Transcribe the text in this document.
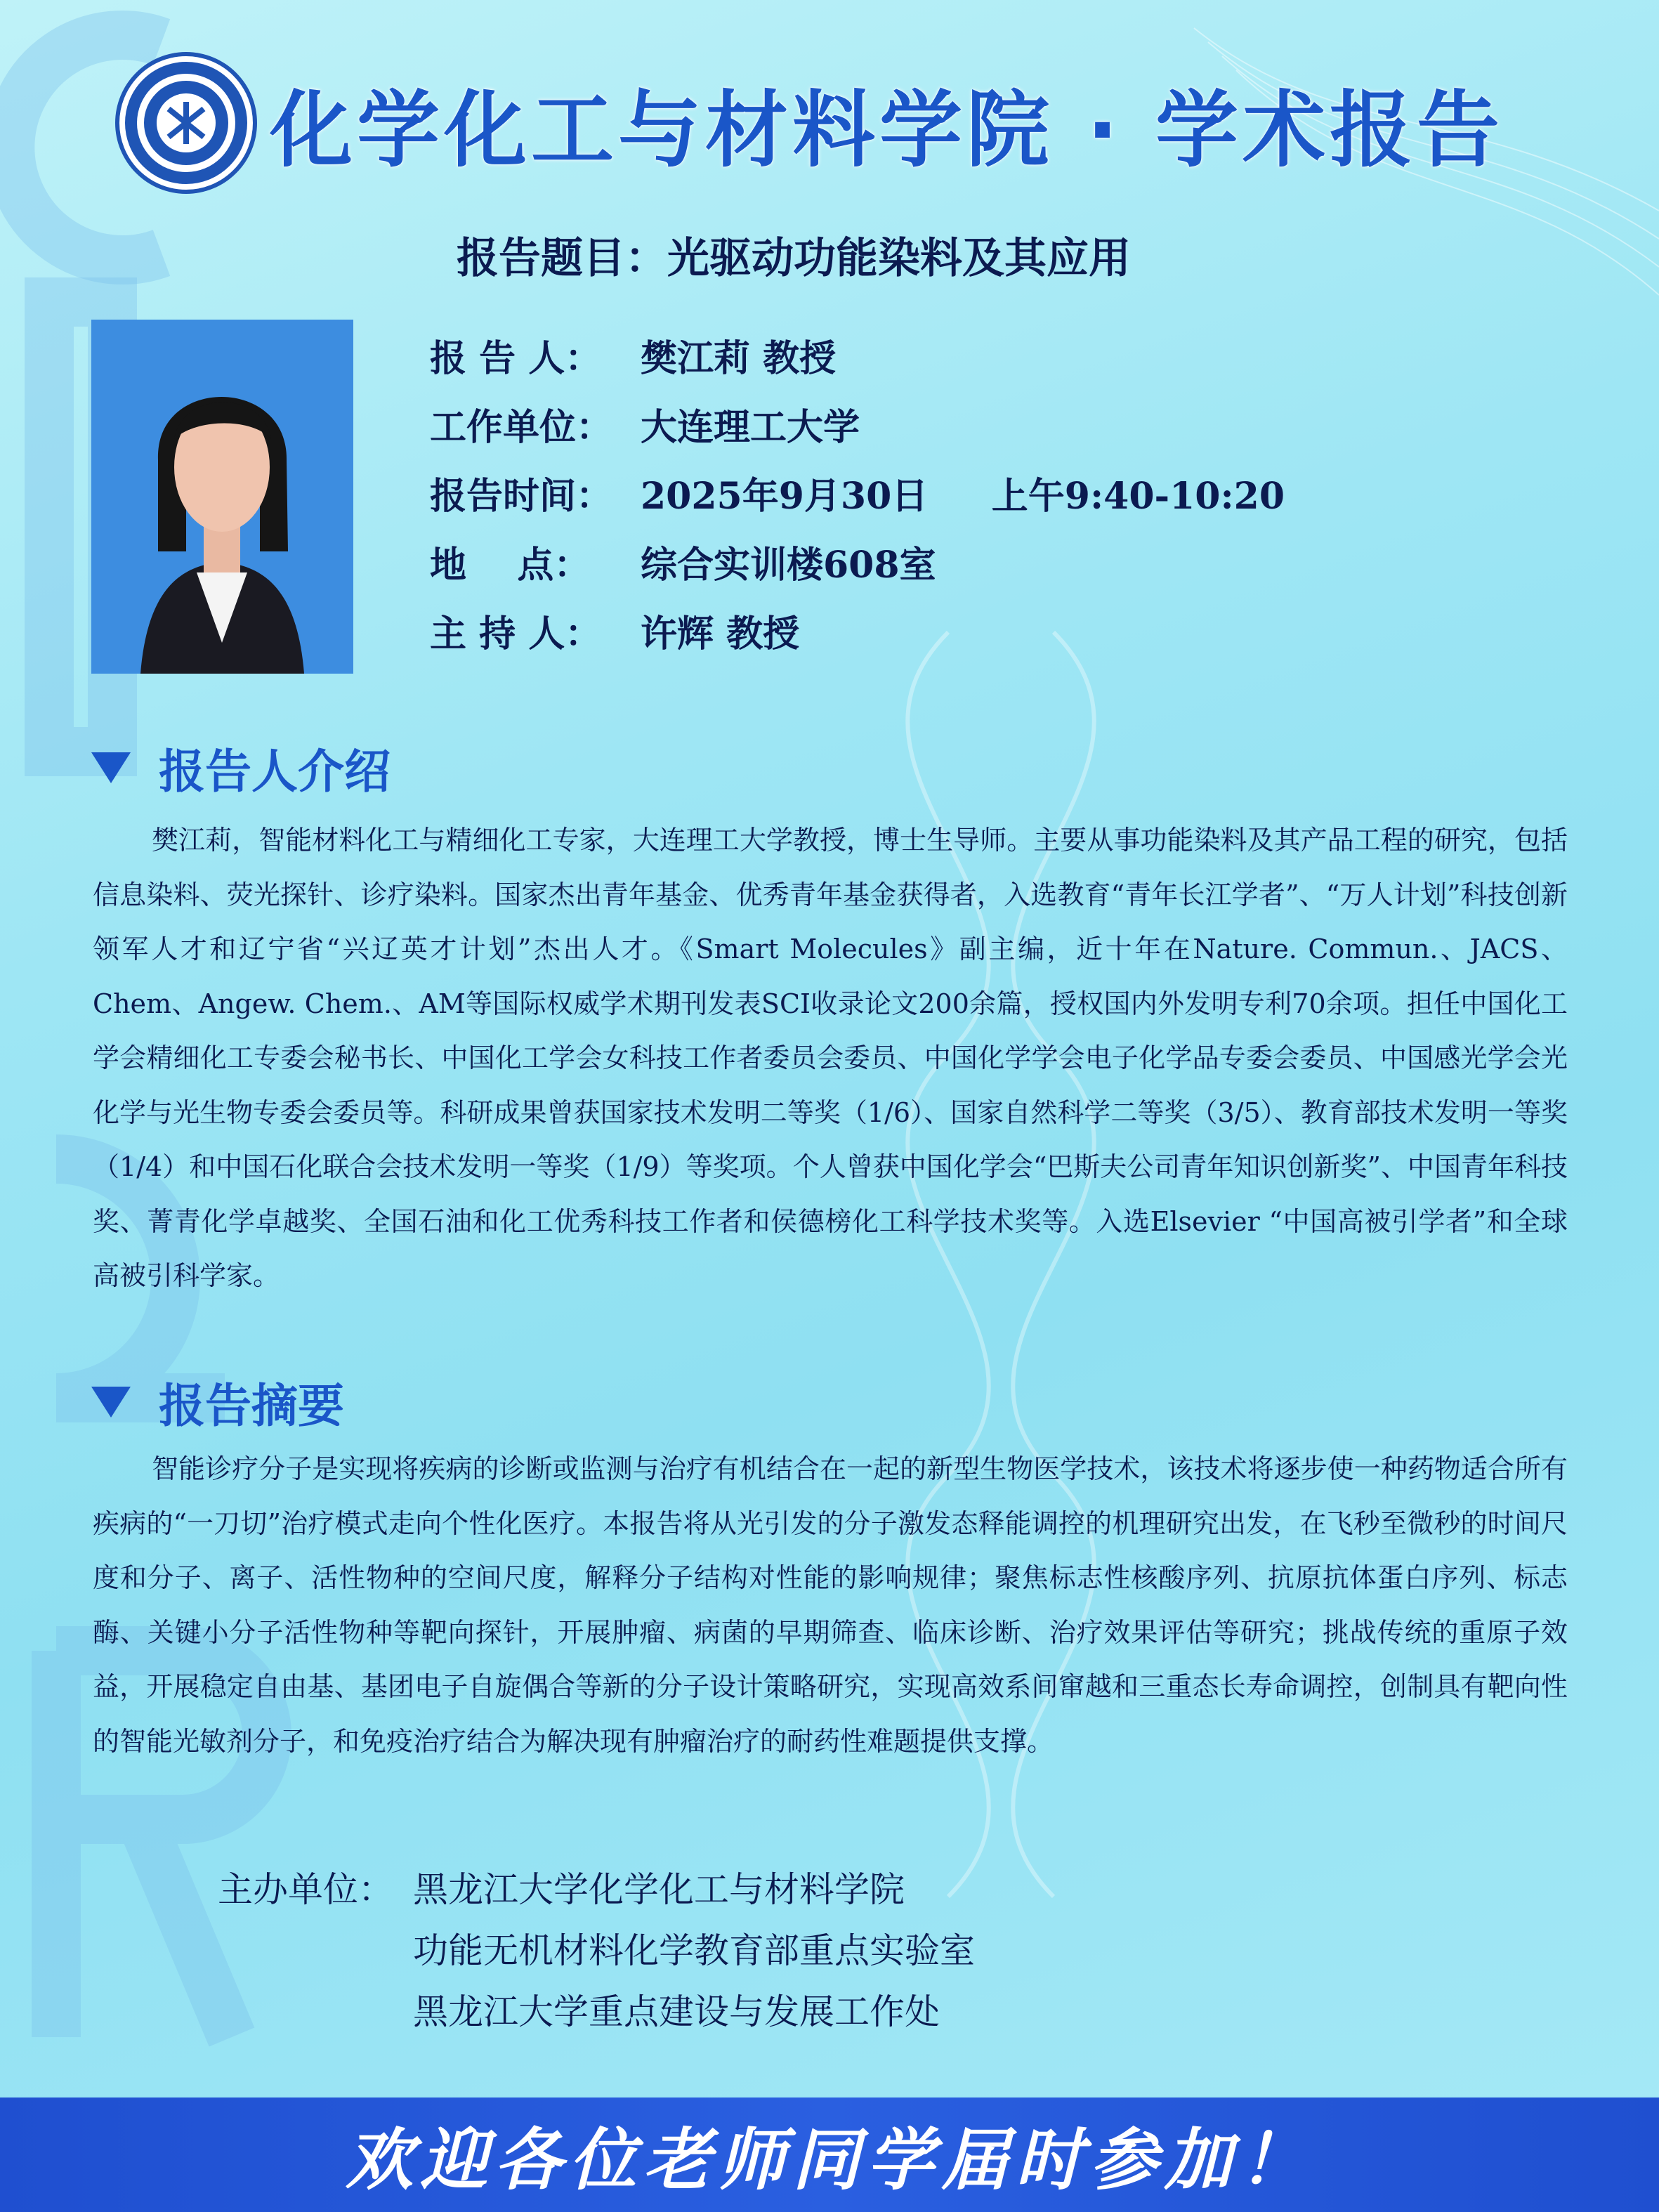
化学化工与材料学院 · 学术报告
报告题目：光驱动功能染料及其应用
报 告 人：	樊江莉 教授
工作单位： 大连理工大学
报告时间： 2025年9月30日     上午9:40-10:20
地    点：	综合实训楼608室
主 持 人：	许辉 教授
报告人介绍

樊江莉，智能材料化工与精细化工专家，大连理工大学教授，博士生导师。主要从事功能染料及其产品工程的研究，包括信息染料、荧光探针、诊疗染料。国家杰出青年基金、优秀青年基金获得者，入选教育“青年长江学者”、“万人计划”科技创新领军人才和辽宁省“兴辽英才计划”杰出人才。《Smart Molecules》副主编，近十年在Nature. Commun.、JACS、Chem、Angew. Chem.、AM等国际权威学术期刊发表SCI收录论文200余篇，授权国内外发明专利70余项。担任中国化工学会精细化工专委会秘书长、中国化工学会女科技工作者委员会委员、中国化学学会电子化学品专委会委员、中国感光学会光化学与光生物专委会委员等。科研成果曾获国家技术发明二等奖（1/6）、国家自然科学二等奖（3/5）、教育部技术发明一等奖（1/4）和中国石化联合会技术发明一等奖（1/9）等奖项。个人曾获中国化学会“巴斯夫公司青年知识创新奖”、中国青年科技奖、菁青化学卓越奖、全国石油和化工优秀科技工作者和侯德榜化工科学技术奖等。入选Elsevier “中国高被引学者”和全球高被引科学家。

报告摘要

智能诊疗分子是实现将疾病的诊断或监测与治疗有机结合在一起的新型生物医学技术，该技术将逐步使一种药物适合所有疾病的“一刀切”治疗模式走向个性化医疗。本报告将从光引发的分子激发态释能调控的机理研究出发，在飞秒至微秒的时间尺度和分子、离子、活性物种的空间尺度，解释分子结构对性能的影响规律；聚焦标志性核酸序列、抗原抗体蛋白序列、标志酶、关键小分子活性物种等靶向探针，开展肿瘤、病菌的早期筛查、临床诊断、治疗效果评估等研究；挑战传统的重原子效益，开展稳定自由基、基团电子自旋偶合等新的分子设计策略研究，实现高效系间窜越和三重态长寿命调控，创制具有靶向性的智能光敏剂分子，和免疫治疗结合为解决现有肿瘤治疗的耐药性难题提供支撑。

主办单位： 黑龙江大学化学化工与材料学院
功能无机材料化学教育部重点实验室
黑龙江大学重点建设与发展工作处
欢迎各位老师同学届时参加！
